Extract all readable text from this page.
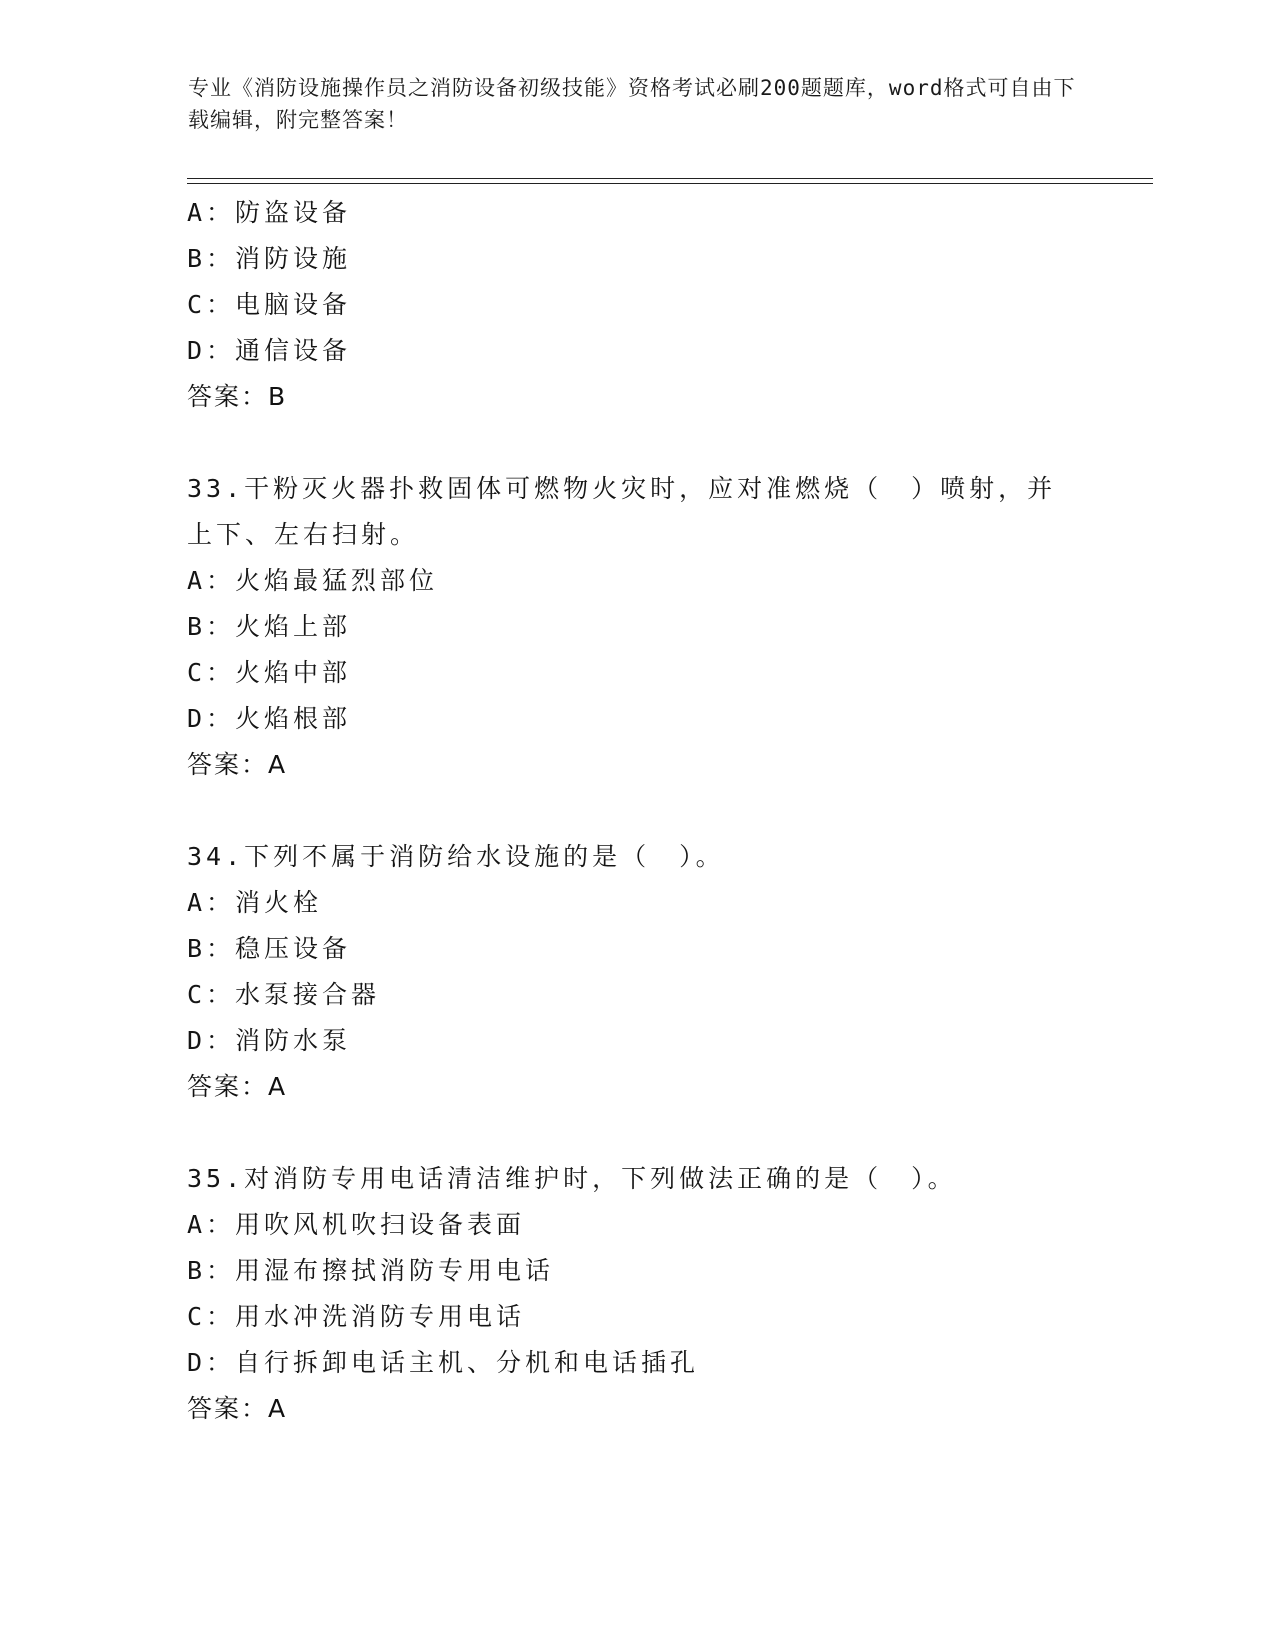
专业《消防设施操作员之消防设备初级技能》资格考试必刷200题题库，word格式可自由下载编辑，附完整答案！
A：防盗设备
B：消防设施
C：电脑设备
D：通信设备
答案：B
33.干粉灭火器扑救固体可燃物火灾时，应对准燃烧（　）喷射，并上下、左右扫射。
A：火焰最猛烈部位
B：火焰上部
C：火焰中部
D：火焰根部
答案：A
34.下列不属于消防给水设施的是（　）。
A：消火栓
B：稳压设备
C：水泵接合器
D：消防水泵
答案：A
35.对消防专用电话清洁维护时，下列做法正确的是（　）。
A：用吹风机吹扫设备表面
B：用湿布擦拭消防专用电话
C：用水冲洗消防专用电话
D：自行拆卸电话主机、分机和电话插孔
答案：A
